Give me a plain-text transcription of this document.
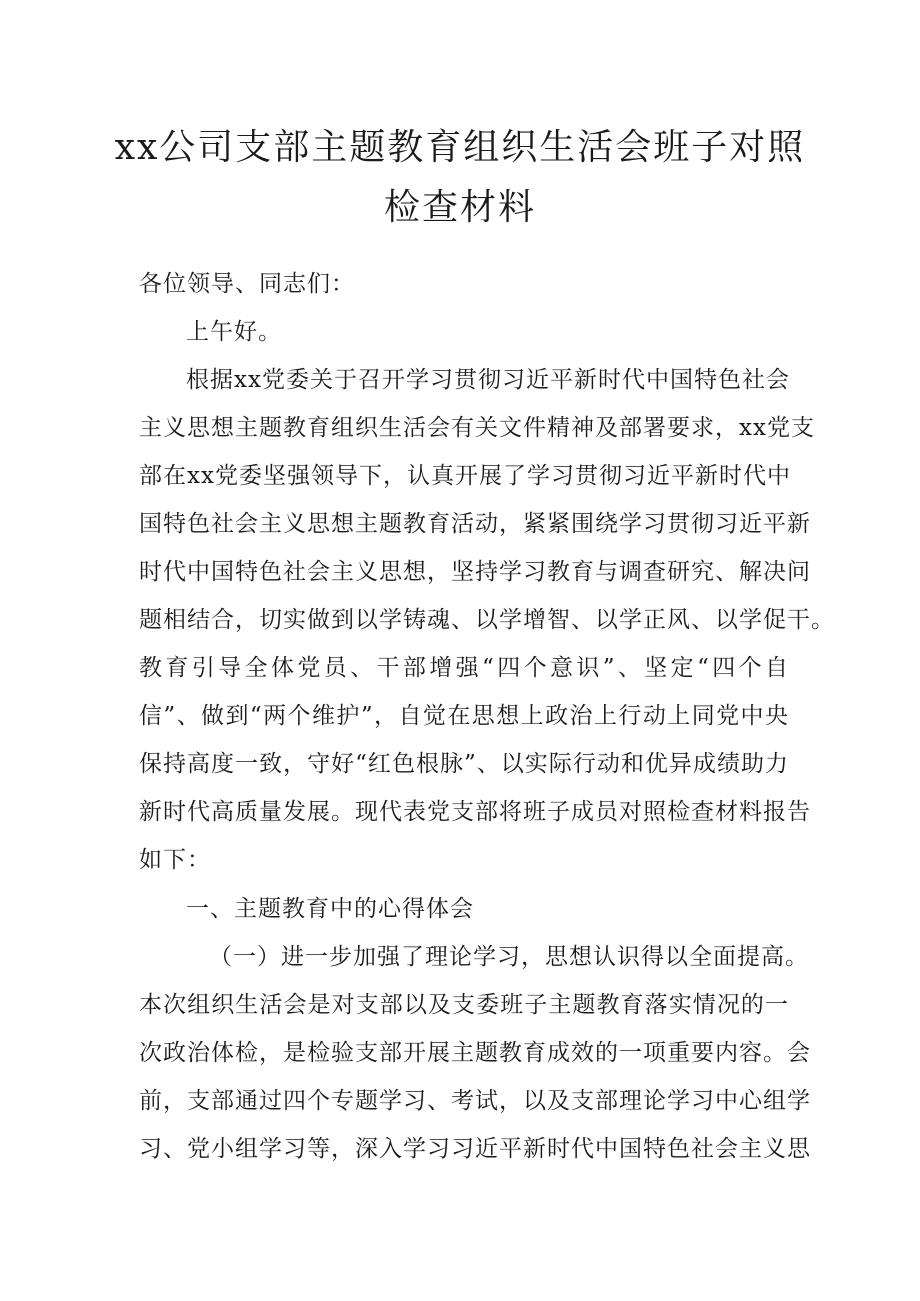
xx公司支部主题教育组织生活会班子对照
检查材料

各位领导、同志们：

上午好。

根据xx党委关于召开学习贯彻习近平新时代中国特色社会

主义思想主题教育组织生活会有关文件精神及部署要求，xx党支

部在xx党委坚强领导下，认真开展了学习贯彻习近平新时代中

国特色社会主义思想主题教育活动，紧紧围绕学习贯彻习近平新

时代中国特色社会主义思想，坚持学习教育与调查研究、解决问

题相结合，切实做到以学铸魂、以学增智、以学正风、以学促干。

教育引导全体党员、干部增强“四个意识”、坚定“四个自

信”、做到“两个维护”，自觉在思想上政治上行动上同党中央

保持高度一致，守好“红色根脉”、以实际行动和优异成绩助力

新时代高质量发展。现代表党支部将班子成员对照检查材料报告

如下：

一、主题教育中的心得体会

（一）进一步加强了理论学习，思想认识得以全面提高。

本次组织生活会是对支部以及支委班子主题教育落实情况的一

次政治体检，是检验支部开展主题教育成效的一项重要内容。会

前，支部通过四个专题学习、考试，以及支部理论学习中心组学

习、党小组学习等，深入学习习近平新时代中国特色社会主义思
